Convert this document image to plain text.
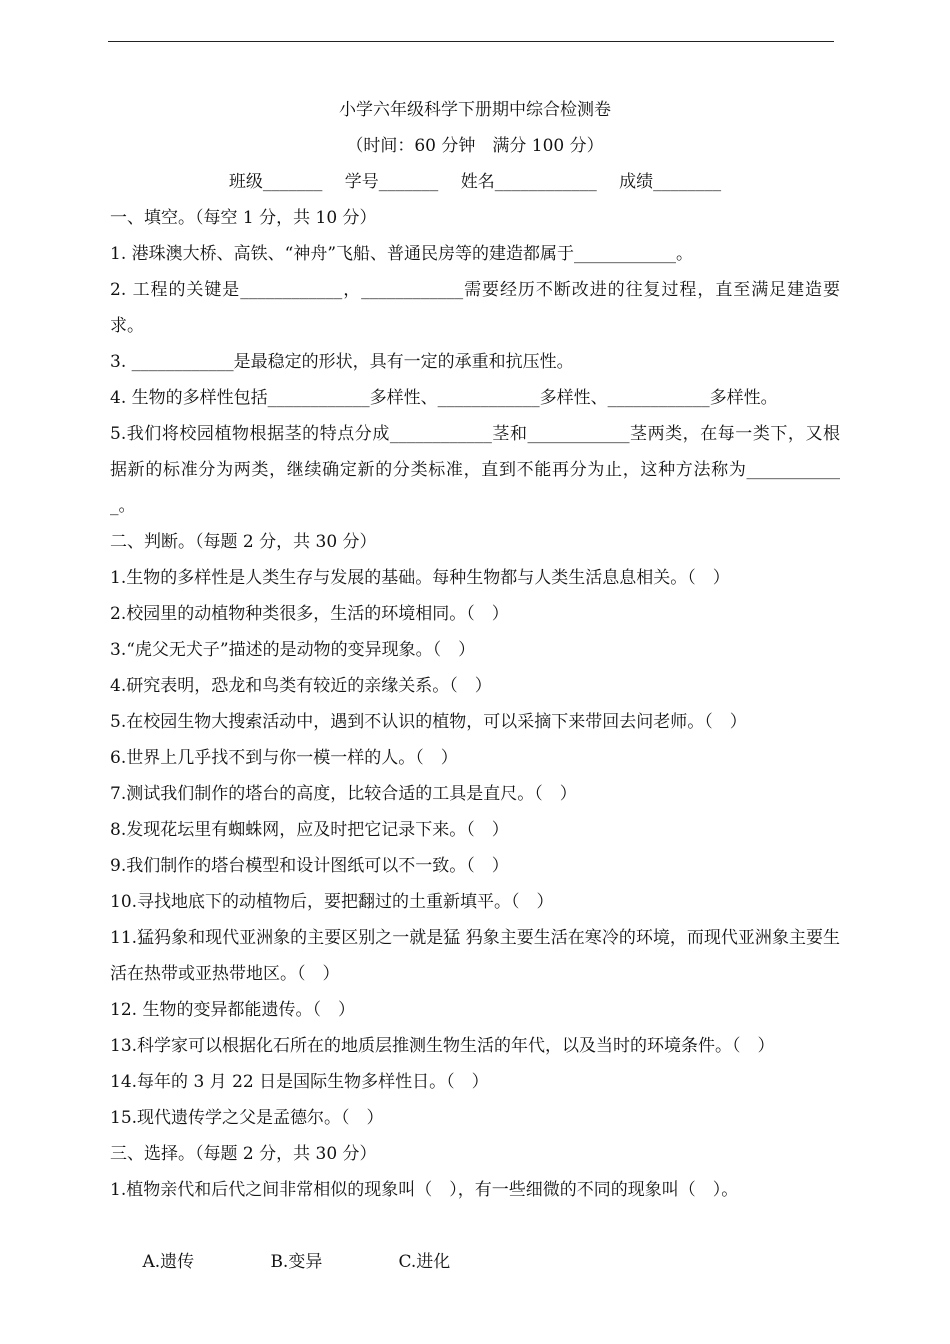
小学六年级科学下册期中综合检测卷
（时间：60 分钟　满分 100 分）
班级_______　 学号_______　 姓名____________　 成绩________
一、填空。（每空 1 分，共 10 分）
1. 港珠澳大桥、高铁、“神舟”飞船、普通民房等的建造都属于____________。
2. 工程的关键是____________，____________需要经历不断改进的往复过程，直至满足建造要求。
3. ____________是最稳定的形状，具有一定的承重和抗压性。
4. 生物的多样性包括____________多样性、____________多样性、____________多样性。
5.我们将校园植物根据茎的特点分成____________茎和____________茎两类，在每一类下，又根据新的标准分为两类，继续确定新的分类标准，直到不能再分为止，这种方法称为____________。
二、判断。（每题 2 分，共 30 分）
1.生物的多样性是人类生存与发展的基础。每种生物都与人类生活息息相关。（　）
2.校园里的动植物种类很多，生活的环境相同。（　）
3.“虎父无犬子”描述的是动物的变异现象。（　）
4.研究表明，恐龙和鸟类有较近的亲缘关系。（　）
5.在校园生物大搜索活动中，遇到不认识的植物，可以采摘下来带回去问老师。（　）
6.世界上几乎找不到与你一模一样的人。（　）
7.测试我们制作的塔台的高度，比较合适的工具是直尺。（　）
8.发现花坛里有蜘蛛网，应及时把它记录下来。（　）
9.我们制作的塔台模型和设计图纸可以不一致。（　）
10.寻找地底下的动植物后，要把翻过的土重新填平。（　）
11.猛犸象和现代亚洲象的主要区别之一就是猛 犸象主要生活在寒冷的环境，而现代亚洲象主要生活在热带或亚热带地区。（　）
12. 生物的变异都能遗传。（　）
13.科学家可以根据化石所在的地质层推测生物生活的年代，以及当时的环境条件。（　）
14.每年的 3 月 22 日是国际生物多样性日。（　）
15.现代遗传学之父是孟德尔。（　）
三、选择。（每题 2 分，共 30 分）
1.植物亲代和后代之间非常相似的现象叫（　），有一些细微的不同的现象叫（　）。

A.遗传	B.变异	C.进化
